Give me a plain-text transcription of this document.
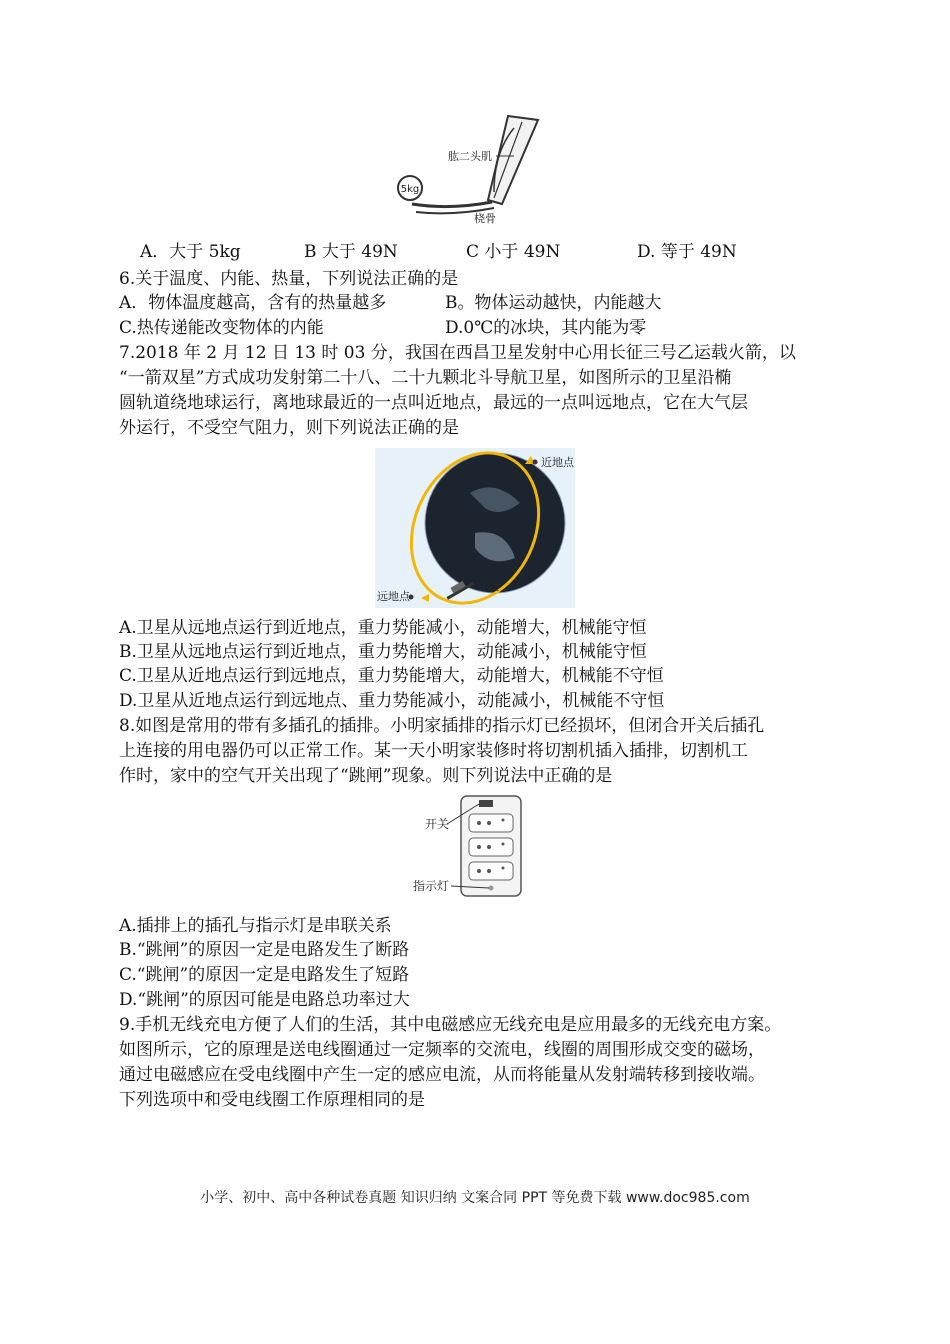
5kg
肱二头肌
桡骨
A．大于 5kg	B 大于 49N	C 小于 49N	D. 等于 49N
6.关于温度、内能、热量，下列说法正确的是
A．物体温度越高，含有的热量越多	B。物体运动越快，内能越大
C.热传递能改变物体的内能	D.0℃的冰块，其内能为零
7.2018 年 2 月 12 日 13 时 03 分，我国在西昌卫星发射中心用长征三号乙运载火箭，以
“一箭双星”方式成功发射第二十八、二十九颗北斗导航卫星，如图所示的卫星沿椭
圆轨道绕地球运行，离地球最近的一点叫近地点，最远的一点叫远地点，它在大气层
外运行，不受空气阻力，则下列说法正确的是
近地点
远地点
卫星
A.卫星从远地点运行到近地点，重力势能减小，动能增大，机械能守恒
B.卫星从远地点运行到近地点，重力势能增大，动能减小，机械能守恒
C.卫星从近地点运行到远地点，重力势能增大，动能增大，机械能不守恒
D.卫星从近地点运行到远地点、重力势能减小，动能减小，机械能不守恒
8.如图是常用的带有多插孔的插排。小明家插排的指示灯已经损坏，但闭合开关后插孔
上连接的用电器仍可以正常工作。某一天小明家装修时将切割机插入插排，切割机工
作时，家中的空气开关出现了“跳闸”现象。则下列说法中正确的是
开关
指示灯
A.插排上的插孔与指示灯是串联关系
B.“跳闸”的原因一定是电路发生了断路
C.“跳闸”的原因一定是电路发生了短路
D.“跳闸”的原因可能是电路总功率过大
9.手机无线充电方便了人们的生活，其中电磁感应无线充电是应用最多的无线充电方案。
如图所示，它的原理是送电线圈通过一定频率的交流电，线圈的周围形成交变的磁场，
通过电磁感应在受电线圈中产生一定的感应电流，从而将能量从发射端转移到接收端。
下列选项中和受电线圈工作原理相同的是
小学、初中、高中各种试卷真题 知识归纳 文案合同 PPT 等免费下载 www.doc985.com
